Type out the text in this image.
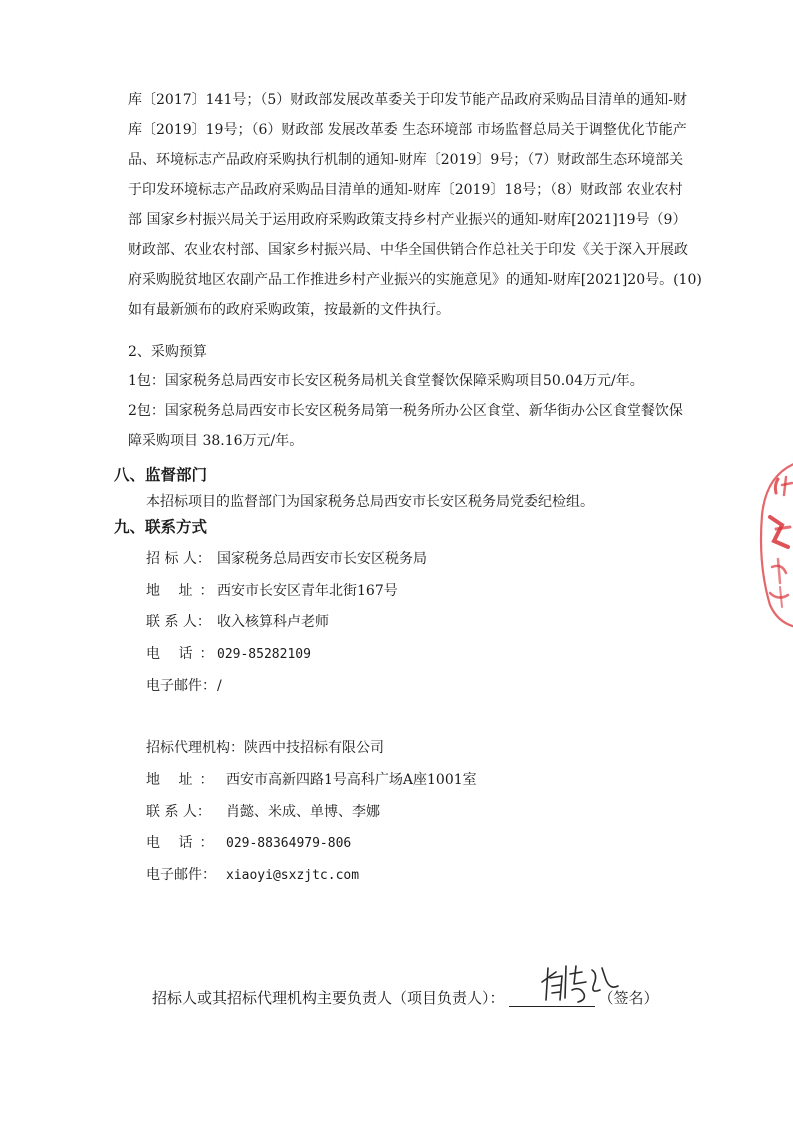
库〔2017〕141号；（5）财政部发展改革委关于印发节能产品政府采购品目清单的通知-财
库〔2019〕19号；（6）财政部 发展改革委 生态环境部 市场监督总局关于调整优化节能产
品、环境标志产品政府采购执行机制的通知-财库〔2019〕9号；（7）财政部生态环境部关
于印发环境标志产品政府采购品目清单的通知-财库〔2019〕18号；（8）财政部 农业农村
部 国家乡村振兴局关于运用政府采购政策支持乡村产业振兴的通知-财库[2021]19号（9）
财政部、农业农村部、国家乡村振兴局、中华全国供销合作总社关于印发《关于深入开展政
府采购脱贫地区农副产品工作推进乡村产业振兴的实施意见》的通知-财库[2021]20号。(10)
如有最新颁布的政府采购政策，按最新的文件执行。
2、采购预算
1包：国家税务总局西安市长安区税务局机关食堂餐饮保障采购项目50.04万元/年。
2包：国家税务总局西安市长安区税务局第一税务所办公区食堂、新华街办公区食堂餐饮保
障采购项目 38.16万元/年。
八、监督部门
本招标项目的监督部门为国家税务总局西安市长安区税务局党委纪检组。
九、联系方式
招 标 人： 国家税务总局西安市长安区税务局
地 址：西安市长安区青年北街167号
联 系 人： 收入核算科卢老师
电 话：029-85282109
电子邮件：/
招标代理机构：陕西中技招标有限公司
地 址： 西安市高新四路1号高科广场A座1001室
联 系 人： 肖懿、米成、单博、李娜
电 话： 029-88364979-806
电子邮件： xiaoyi@sxzjtc.com
招标人或其招标代理机构主要负责人（项目负责人）：	（签名）
